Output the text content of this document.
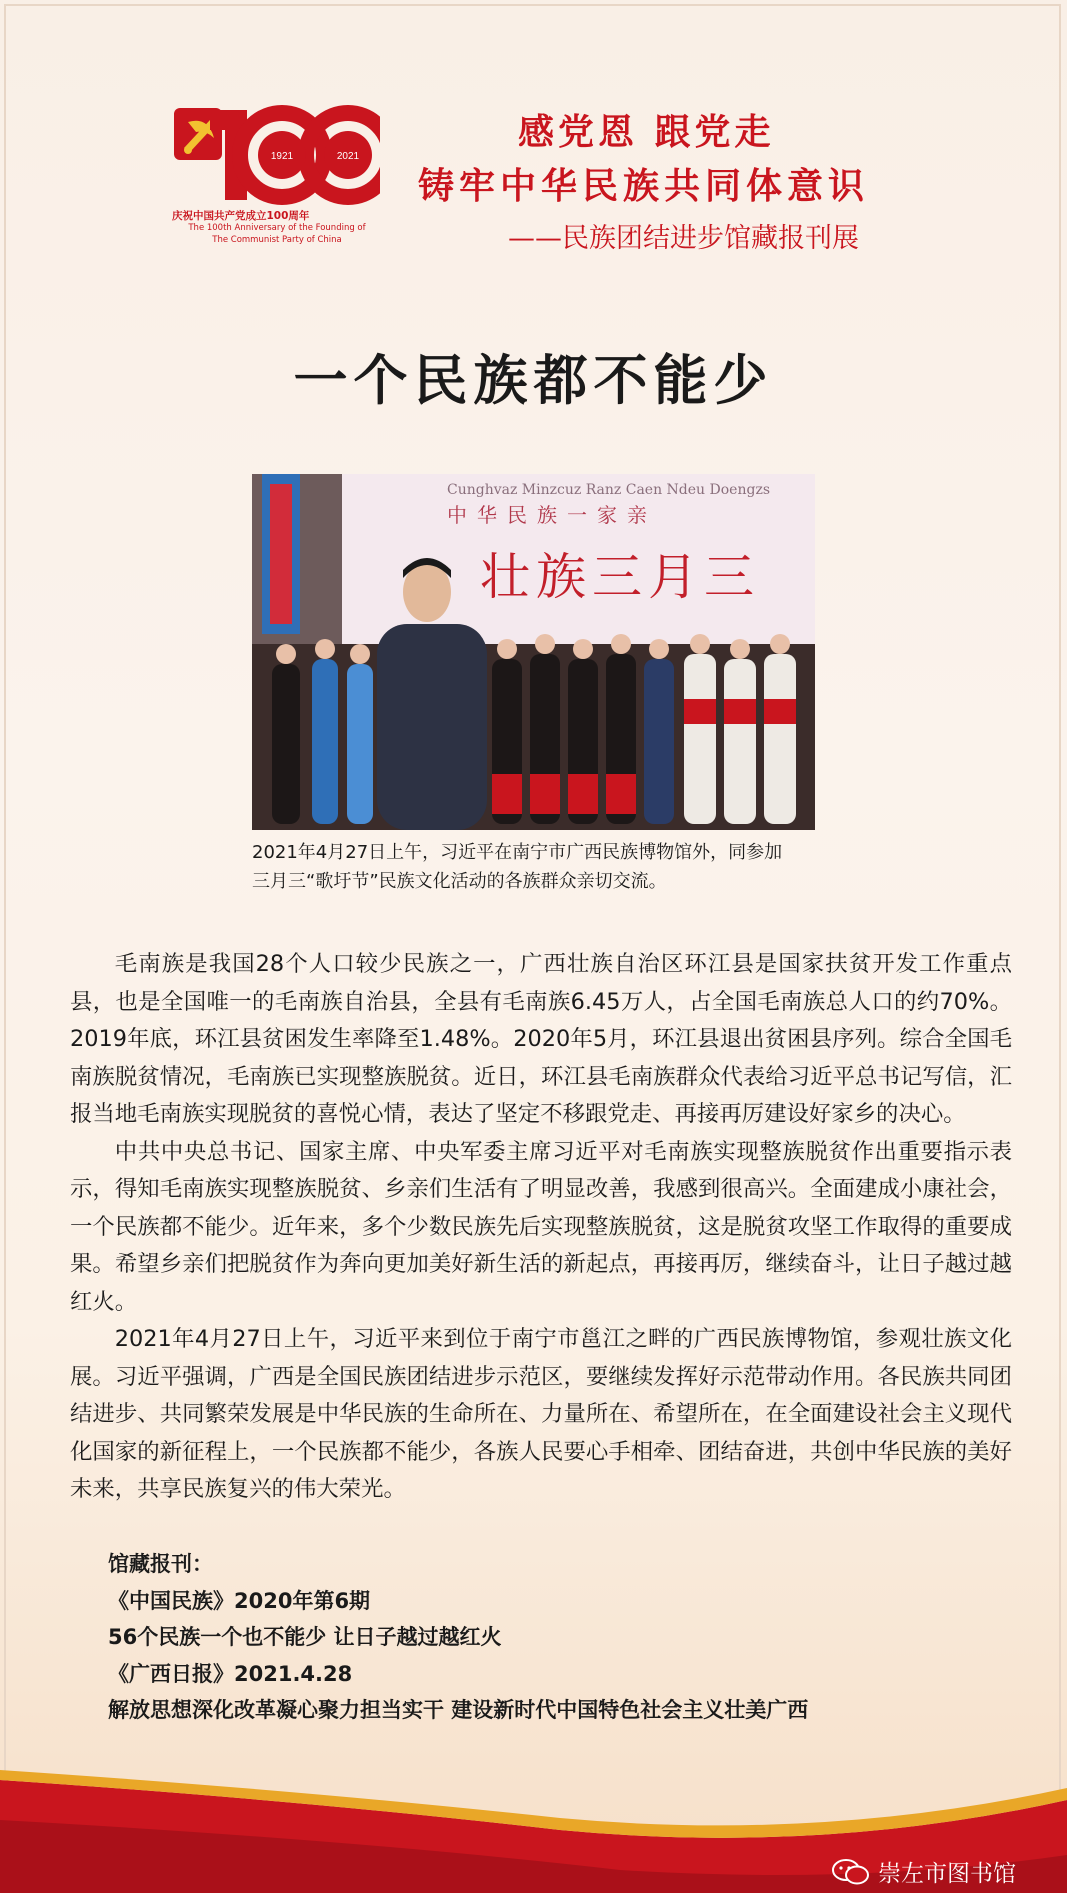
1921	2021
100
庆祝中国共产党成立100周年
The 100th Anniversary of the Founding of
The Communist Party of China
感党恩 跟党走
铸牢中华民族共同体意识
——民族团结进步馆藏报刊展
一个民族都不能少
Cunghvaz Minzcuz Ranz Caen Ndeu Doengzs
中华民族一家亲
壮族三月三
2021年4月27日上午，习近平在南宁市广西民族博物馆外，同参加
三月三“歌圩节”民族文化活动的各族群众亲切交流。

毛南族是我国28个人口较少民族之一，广西壮族自治区环江县是国家扶贫开发工作重点县，也是全国唯一的毛南族自治县，全县有毛南族6.45万人，占全国毛南族总人口的约70%。2019年底，环江县贫困发生率降至1.48%。2020年5月，环江县退出贫困县序列。综合全国毛南族脱贫情况，毛南族已实现整族脱贫。近日，环江县毛南族群众代表给习近平总书记写信，汇报当地毛南族实现脱贫的喜悦心情，表达了坚定不移跟党走、再接再厉建设好家乡的决心。

中共中央总书记、国家主席、中央军委主席习近平对毛南族实现整族脱贫作出重要指示表示，得知毛南族实现整族脱贫、乡亲们生活有了明显改善，我感到很高兴。全面建成小康社会，一个民族都不能少。近年来，多个少数民族先后实现整族脱贫，这是脱贫攻坚工作取得的重要成果。希望乡亲们把脱贫作为奔向更加美好新生活的新起点，再接再厉，继续奋斗，让日子越过越红火。

2021年4月27日上午，习近平来到位于南宁市邕江之畔的广西民族博物馆，参观壮族文化展。习近平强调，广西是全国民族团结进步示范区，要继续发挥好示范带动作用。各民族共同团结进步、共同繁荣发展是中华民族的生命所在、力量所在、希望所在，在全面建设社会主义现代化国家的新征程上，一个民族都不能少，各族人民要心手相牵、团结奋进，共创中华民族的美好未来，共享民族复兴的伟大荣光。

馆藏报刊：
《中国民族》2020年第6期
56个民族一个也不能少 让日子越过越红火
《广西日报》2021.4.28
解放思想深化改革凝心聚力担当实干 建设新时代中国特色社会主义壮美广西
崇左市图书馆
